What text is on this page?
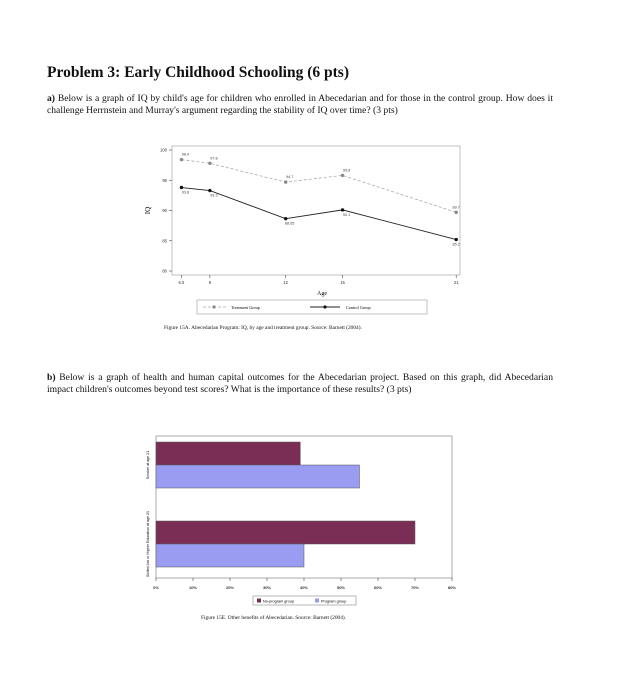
Problem 3: Early Childhood Schooling (6 pts)
a) Below is a graph of IQ by child's age for children who enrolled in Abecedarian and for those in the control group. How does it challenge Herrnstein and Murray's argument regarding the stability of IQ over time? (3 pts)
b) Below is a graph of health and human capital outcomes for the Abecedarian project. Based on this graph, did Abecedarian impact children's outcomes beyond test scores? What is the importance of these results? (3 pts)
80
85
90
95
100
6.5	8	12	15	21
Age
IQ
98.4
97.8
94.7
95.8
89.7
93.8
93.3
88.65
90.1
85.2
Treatment Group	Control Group
0%	10%	20%	30%	40%	50%	60%	70%	80%
Smoker at age 21
Skilled Job or Higher Education at age 21
No-program group	Program group
Figure 15A. Abecedarian Program: IQ, by age and treatment group. Source: Barnett (2004).
Figure 15E. Other benefits of Abecedarian. Source: Barnett (2004).
